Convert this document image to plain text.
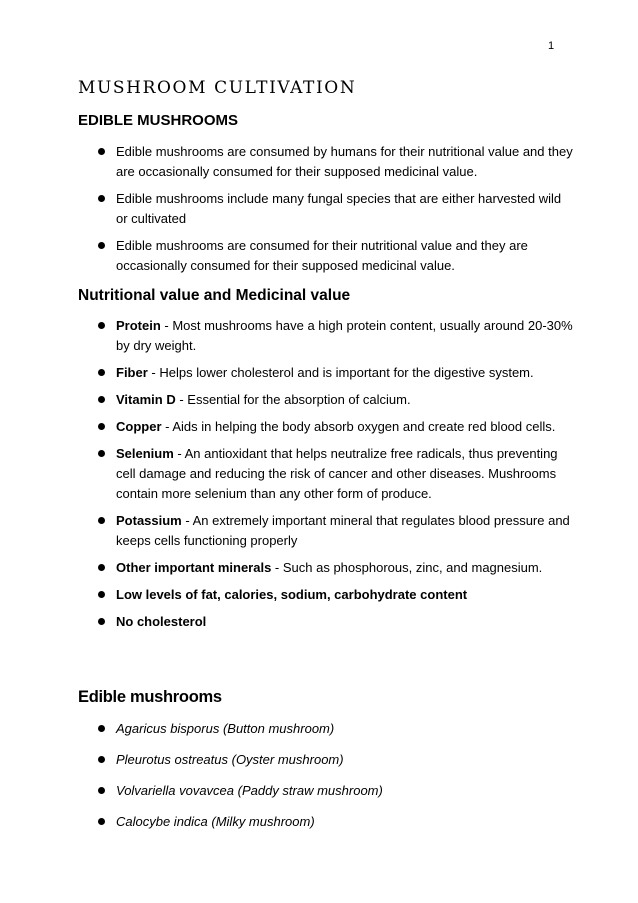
1
MUSHROOM CULTIVATION
EDIBLE MUSHROOMS
Edible mushrooms are consumed by humans for their nutritional value and they are occasionally consumed for their supposed medicinal value.
Edible mushrooms include many fungal species that are either harvested wild or cultivated
Edible mushrooms are consumed for their nutritional value and they are occasionally consumed for their supposed medicinal value.
Nutritional value and Medicinal value
Protein - Most mushrooms have a high protein content, usually around 20-30% by dry weight.
Fiber - Helps lower cholesterol and is important for the digestive system.
Vitamin D - Essential for the absorption of calcium.
Copper - Aids in helping the body absorb oxygen and create red blood cells.
Selenium - An antioxidant that helps neutralize free radicals, thus preventing cell damage and reducing the risk of cancer and other diseases. Mushrooms contain more selenium than any other form of produce.
Potassium - An extremely important mineral that regulates blood pressure and keeps cells functioning properly
Other important minerals - Such as phosphorous, zinc, and magnesium.
Low levels of fat, calories, sodium, carbohydrate content
No cholesterol
Edible mushrooms
Agaricus bisporus (Button mushroom)
Pleurotus ostreatus (Oyster mushroom)
Volvariella vovavcea (Paddy straw mushroom)
Calocybe indica (Milky mushroom)
